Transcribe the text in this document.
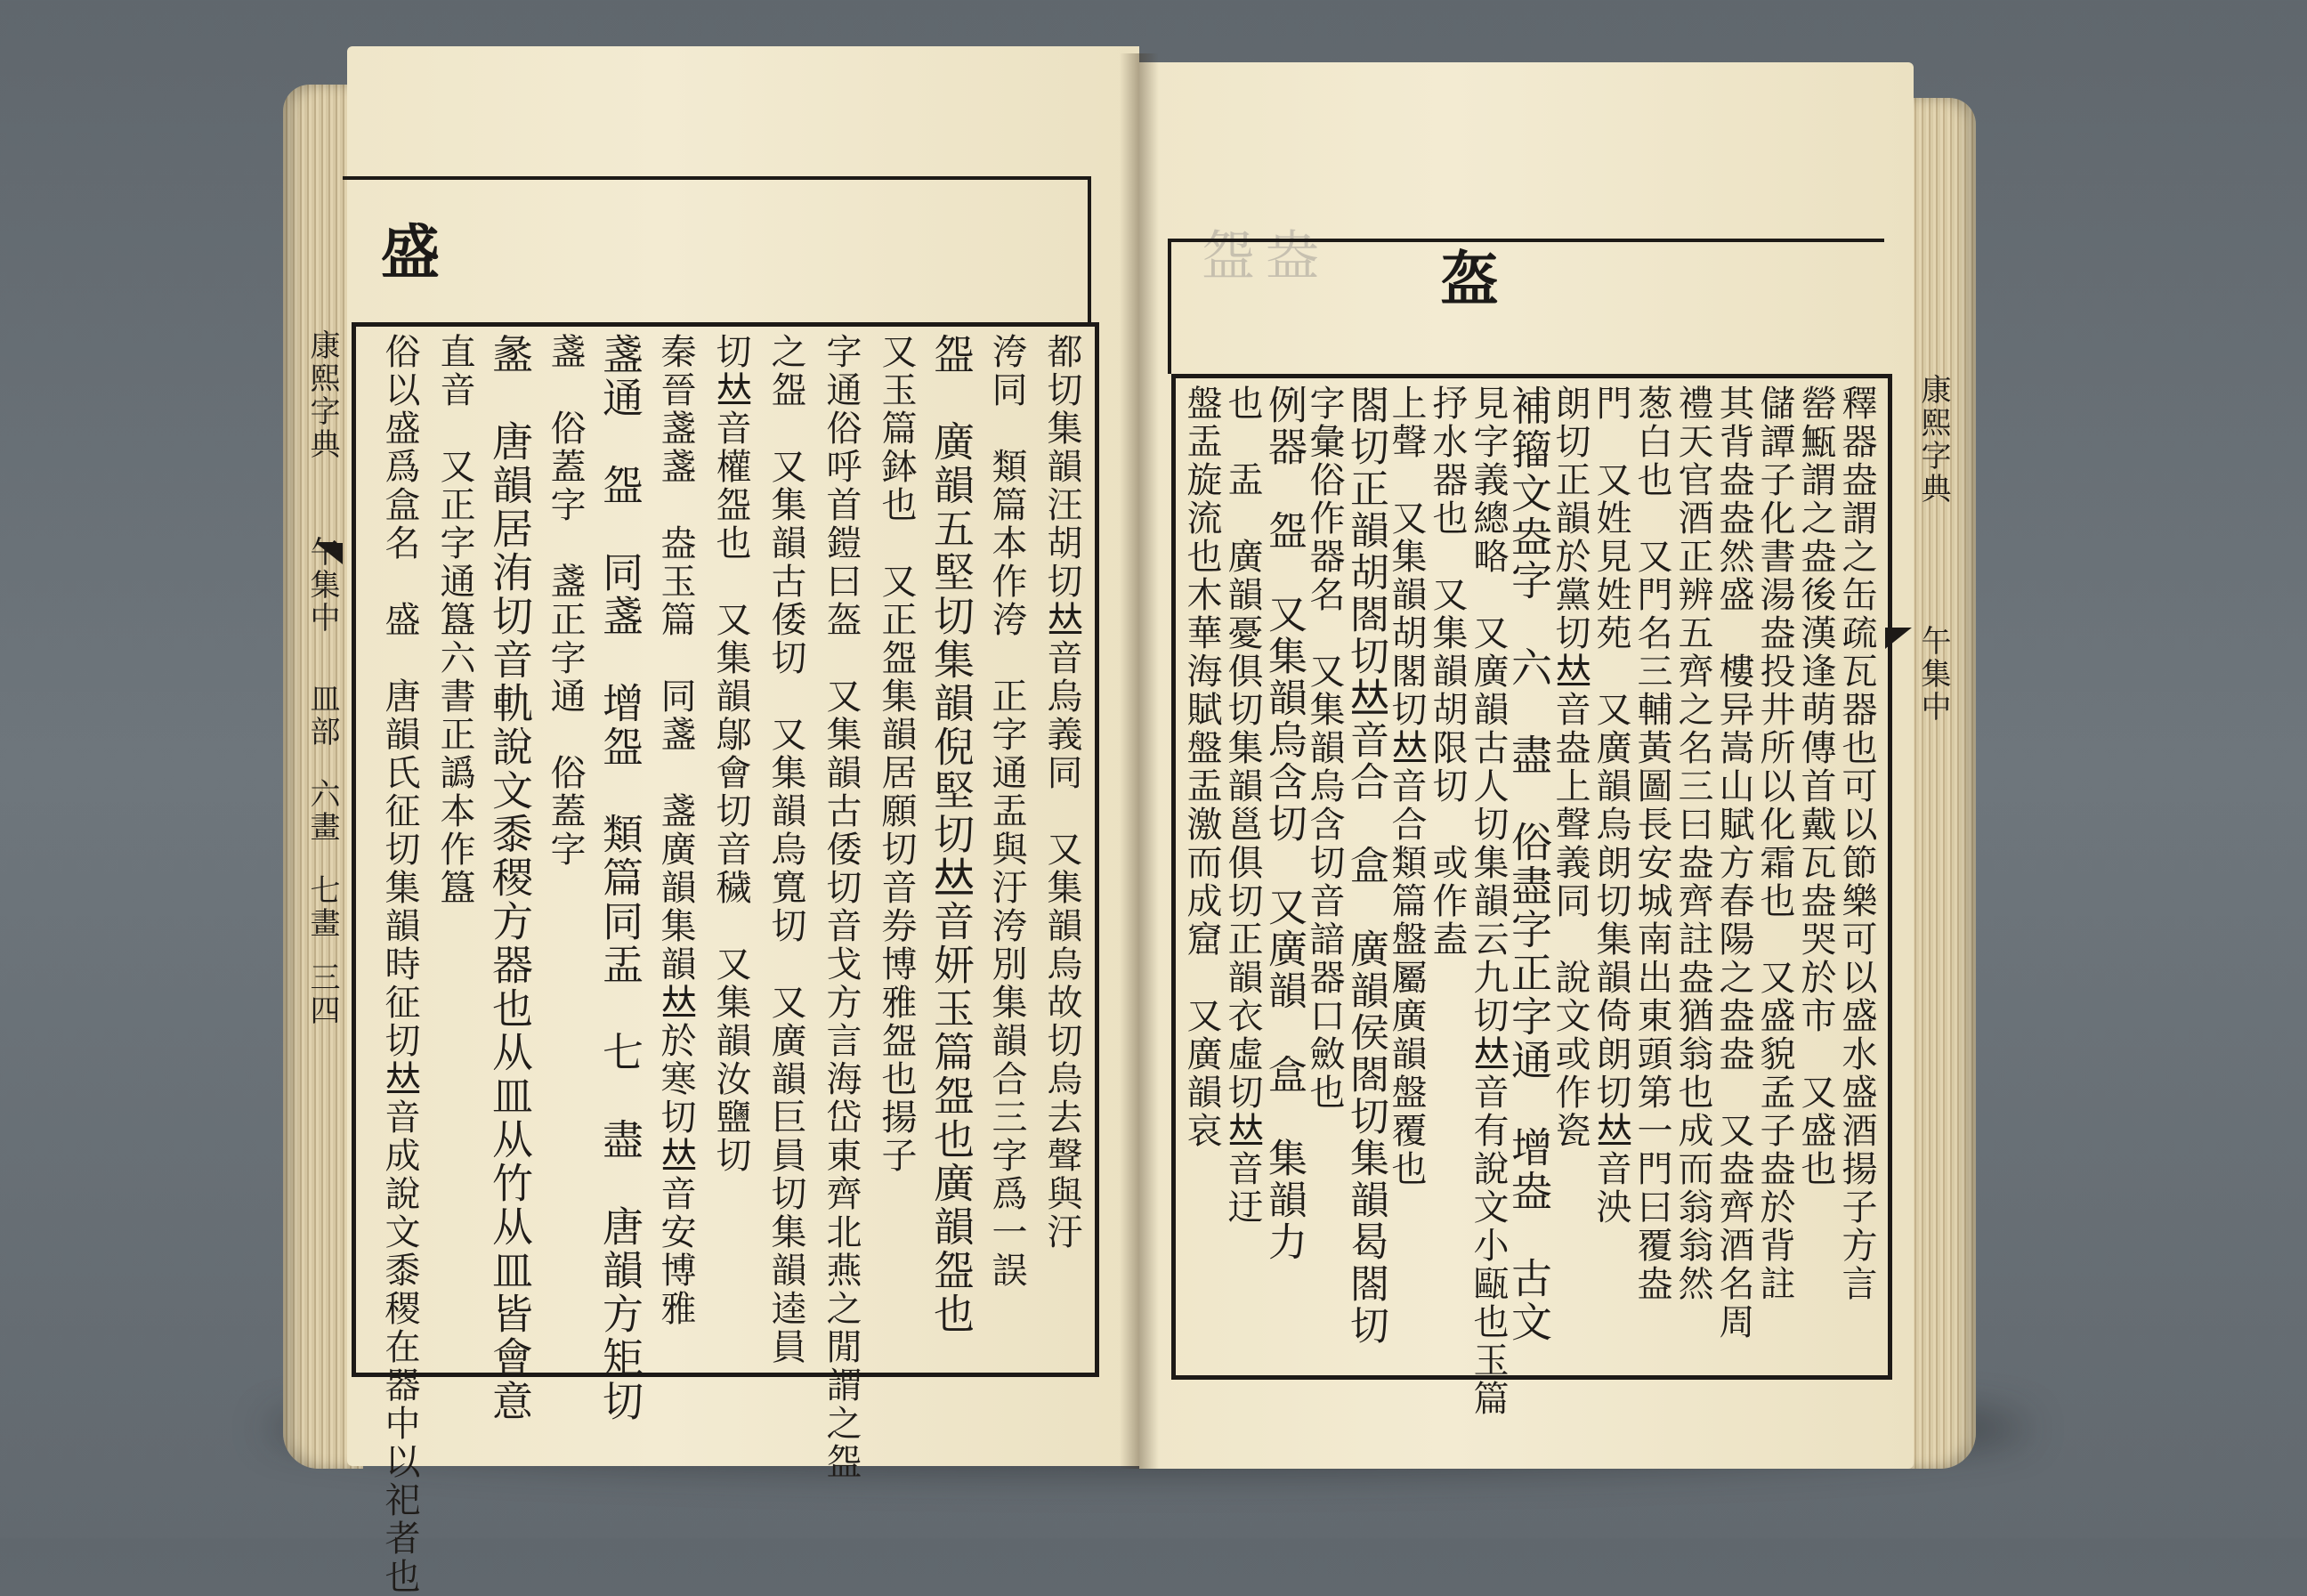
盛
康熙字典 午集中 皿部 六畫 七畫 三四	都切集韻汪胡切𠀤音烏義同　又集韻烏故切烏去聲與汙
洿同　類篇本作洿　正字通盂與汙洿別集韻合三字爲一誤
盌　廣韻五堅切集韻倪堅切𠀤音妍玉篇盌也廣韻盌也
又玉篇鉢也　又正盌集韻居願切音券博雅盌也揚子
字通俗呼首鎧曰盔　又集韻古倭切音戈方言海岱東齊北燕之閒謂之盌
之盌　又集韻古倭切　又集韻烏寬切　又廣韻巨員切集韻逵員
切𠀤音權盌也　又集韻鄔會切音穢　又集韻汝鹽切
秦晉盞盞　盎玉篇　同盞　盞廣韻集韻𠀤於寒切𠀤音安博雅
盞通　盌　同盞　增盌　類篇同盂　七　盡　唐韻方矩切
盞　俗蓋字　盞正字通　俗蓋字
盠　唐韻居洧切音軌說文黍稷方器也从皿从竹从皿皆會意
直音　又正字通簋六書正譌本作簋
俗以盛爲盒名　盛　唐韻氏征切集韻時征切𠀤音成說文黍稷在器中以祀者也
盌盎 盔
康熙字典 午集中
釋器盎謂之缶疏瓦器也可以節樂可以盛水盛酒揚子方言
罃甒謂之盎後漢逢萌傳首戴瓦盎哭於市　又盛也
儲譚子化書湯盎投井所以化霜也　又盛貌孟子盎於背註
其背盎盎然盛　樓异嵩山賦方春陽之盎盎　又盎齊酒名周
禮天官酒正辨五齊之名三曰盎齊註盎猶翁也成而翁翁然
葱白也　又門名三輔黃圖長安城南出東頭第一門曰覆盎
門　又姓見姓苑　又廣韻烏朗切集韻倚朗切𠀤音泱
朗切正韻於黨切𠀤音盎上聲義同　說文或作瓷
補籀文盎字　六　盡　俗盡字正字通　增盎　古文
見字義總略　又廣韻古人切集韻云九切𠀤音有說文小甌也玉篇
抒水器也　又集韻胡限切　或作盍
上聲　又集韻胡閣切𠀤音合類篇盤屬廣韻盤覆也
閤切正韻胡閤切𠀤音合　盒　廣韻侯閤切集韻曷閤切
字彙俗作器名　又集韻烏含切音諳器口斂也
例器　盌　又集韻烏含切　又廣韻　盒　集韻力
也　盂　廣韻憂俱切集韻邕俱切正韻衣虛切𠀤音迂
盤盂旋流也木華海賦盤盂激而成窟　又廣韻哀
